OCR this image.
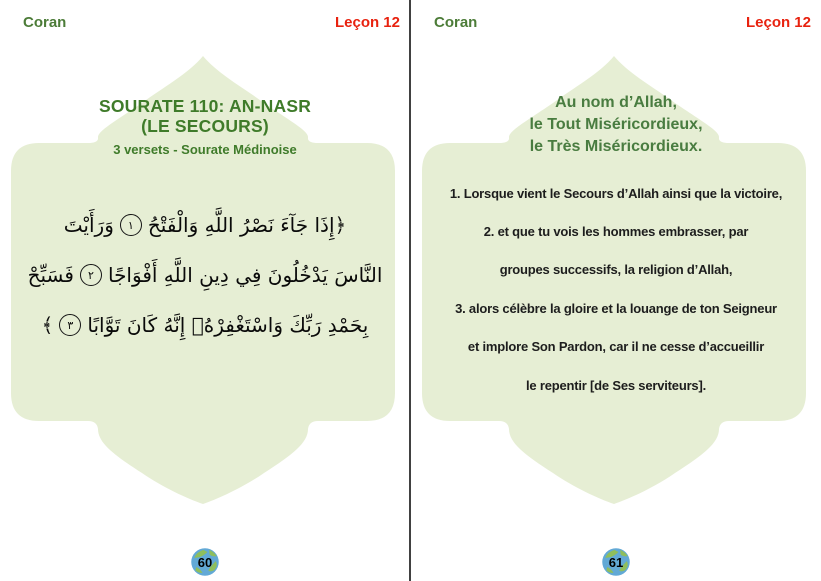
Coran	Leçon 12
SOURATE 110: AN-NASR
(LE SECOURS)
3 versets - Sourate Médinoise
﴿إِذَا جَآءَ نَصْرُ اللَّهِ وَالْفَتْحُ
١
وَرَأَيْتَ
النَّاسَ يَدْخُلُونَ فِي دِينِ اللَّهِ أَفْوَاجًا
٢
فَسَبِّحْ
بِحَمْدِ رَبِّكَ وَاسْتَغْفِرْهُۚ إِنَّهُ كَانَ تَوَّابًا
٣
﴾
60
Coran	Leçon 12
Au nom d’Allah,
le Tout Miséricordieux,
le Très Miséricordieux.
1. Lorsque vient le Secours d’Allah ainsi que la victoire,
2. et que tu vois les hommes embrasser, par
groupes successifs, la religion d’Allah,
3. alors célèbre la gloire et la louange de ton Seigneur
et implore Son Pardon, car il ne cesse d’accueillir
le repentir [de Ses serviteurs].
61
